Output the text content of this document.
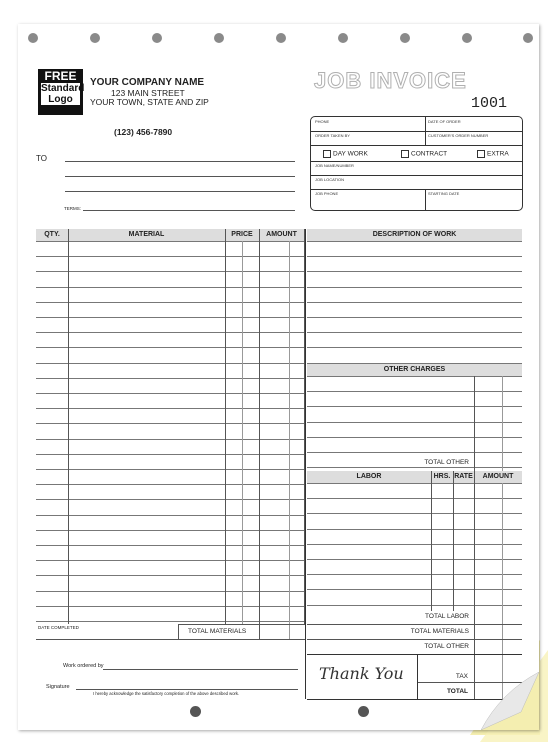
FREE
Standard
Logo
YOUR COMPANY NAME
123 MAIN STREET
YOUR TOWN, STATE AND ZIP
(123) 456-7890
JOB INVOICE
1001
TO
TERMS:
PHONE	DATE OF ORDER
ORDER TAKEN BY	CUSTOMER'S ORDER NUMBER
DAY WORK	CONTRACT	EXTRA
JOB NAME/NUMBER
JOB LOCATION
JOB PHONE	STARTING DATE
QTY.	MATERIAL	PRICE	AMOUNT
DATE COMPLETED
TOTAL MATERIALS
DESCRIPTION OF WORK
OTHER CHARGES
TOTAL OTHER
LABOR	HRS. RATE	AMOUNT
TOTAL LABOR
TOTAL MATERIALS
TOTAL OTHER
Thank You	TAX
TOTAL
Work ordered by
Signature
I hereby acknowledge the satisfactory completion of the above described work.
